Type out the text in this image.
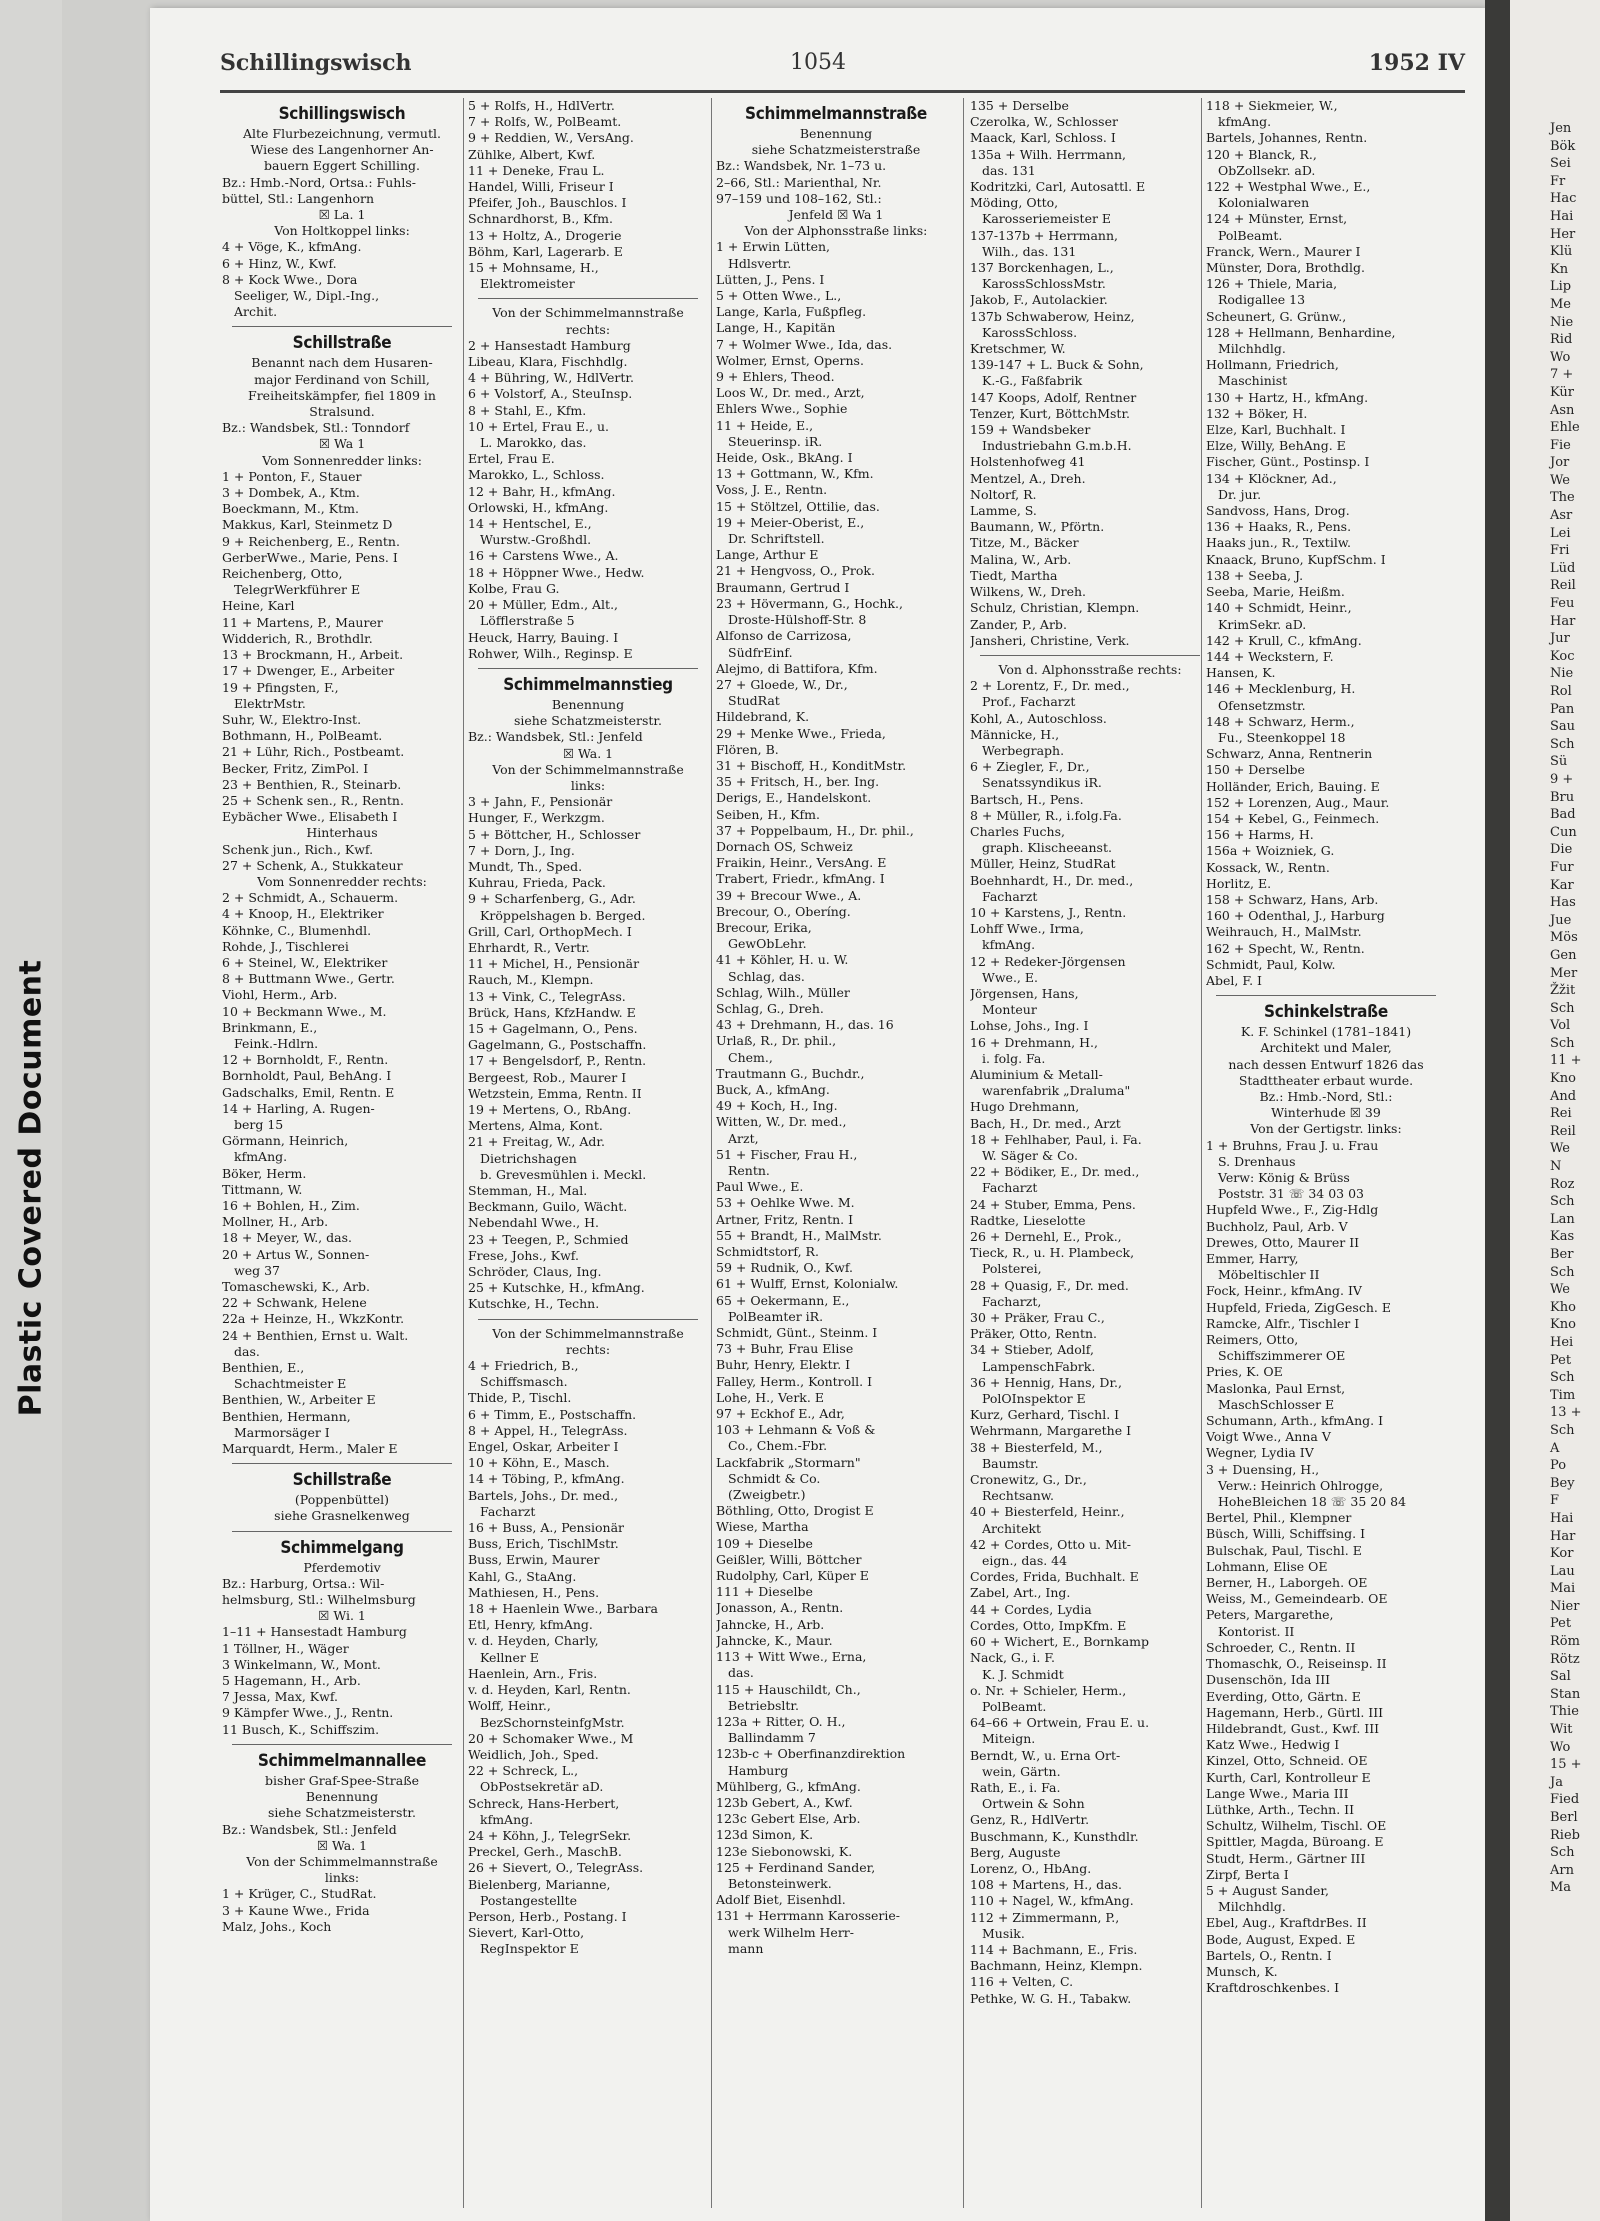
Plastic Covered Document
Schillingswisch	1054	1952 IV
Schillingswisch
Alte Flurbezeichnung, vermutl.
Wiese des Langenhorner An-
bauern Eggert Schilling.
Bz.: Hmb.-Nord, Ortsa.: Fuhls-
büttel, Stl.: Langenhorn
☒ La. 1
Von Holtkoppel links:
4 + Vöge, K., kfmAng.
6 + Hinz, W., Kwf.
8 + Kock Wwe., Dora
Seeliger, W., Dipl.-Ing.,
Archit.
Schillstraße
Benannt nach dem Husaren-
major Ferdinand von Schill,
Freiheitskämpfer, fiel 1809 in
Stralsund.
Bz.: Wandsbek, Stl.: Tonndorf
☒ Wa 1
Vom Sonnenredder links:
1 + Ponton, F., Stauer
3 + Dombek, A., Ktm.
Boeckmann, M., Ktm.
Makkus, Karl, Steinmetz D
9 + Reichenberg, E., Rentn.
GerberWwe., Marie, Pens. I
Reichenberg, Otto,
TelegrWerkführer E
Heine, Karl
11 + Martens, P., Maurer
Widderich, R., Brothdlr.
13 + Brockmann, H., Arbeit.
17 + Dwenger, E., Arbeiter
19 + Pfingsten, F.,
ElektrMstr.
Suhr, W., Elektro-Inst.
Bothmann, H., PolBeamt.
21 + Lühr, Rich., Postbeamt.
Becker, Fritz, ZimPol. I
23 + Benthien, R., Steinarb.
25 + Schenk sen., R., Rentn.
Eybächer Wwe., Elisabeth I
Hinterhaus
Schenk jun., Rich., Kwf.
27 + Schenk, A., Stukkateur
Vom Sonnenredder rechts:
2 + Schmidt, A., Schauerm.
4 + Knoop, H., Elektriker
Köhnke, C., Blumenhdl.
Rohde, J., Tischlerei
6 + Steinel, W., Elektriker
8 + Buttmann Wwe., Gertr.
Viohl, Herm., Arb.
10 + Beckmann Wwe., M.
Brinkmann, E.,
Feink.-Hdlrn.
12 + Bornholdt, F., Rentn.
Bornholdt, Paul, BehAng. I
Gadschalks, Emil, Rentn. E
14 + Harling, A. Rugen-
berg 15
Görmann, Heinrich,
kfmAng.
Böker, Herm.
Tittmann, W.
16 + Bohlen, H., Zim.
Mollner, H., Arb.
18 + Meyer, W., das.
20 + Artus W., Sonnen-
weg 37
Tomaschewski, K., Arb.
22 + Schwank, Helene
22a + Heinze, H., WkzKontr.
24 + Benthien, Ernst u. Walt.
das.
Benthien, E.,
Schachtmeister E
Benthien, W., Arbeiter E
Benthien, Hermann,
Marmorsäger I
Marquardt, Herm., Maler E
Schillstraße
(Poppenbüttel)
siehe Grasnelkenweg
Schimmelgang
Pferdemotiv
Bz.: Harburg, Ortsa.: Wil-
helmsburg, Stl.: Wilhelmsburg
☒ Wi. 1
1–11 + Hansestadt Hamburg
1 Töllner, H., Wäger
3 Winkelmann, W., Mont.
5 Hagemann, H., Arb.
7 Jessa, Max, Kwf.
9 Kämpfer Wwe., J., Rentn.
11 Busch, K., Schiffszim.
Schimmelmannallee
bisher Graf-Spee-Straße
Benennung
siehe Schatzmeisterstr.
Bz.: Wandsbek, Stl.: Jenfeld
☒ Wa. 1
Von der Schimmelmannstraße
links:
1 + Krüger, C., StudRat.
3 + Kaune Wwe., Frida
Malz, Johs., Koch
5 + Rolfs, H., HdlVertr.
7 + Rolfs, W., PolBeamt.
9 + Reddien, W., VersAng.
Zühlke, Albert, Kwf.
11 + Deneke, Frau L.
Handel, Willi, Friseur I
Pfeifer, Joh., Bauschlos. I
Schnardhorst, B., Kfm.
13 + Holtz, A., Drogerie
Böhm, Karl, Lagerarb. E
15 + Mohnsame, H.,
Elektromeister
Von der Schimmelmannstraße
rechts:
2 + Hansestadt Hamburg
Libeau, Klara, Fischhdlg.
4 + Bühring, W., HdlVertr.
6 + Volstorf, A., SteuInsp.
8 + Stahl, E., Kfm.
10 + Ertel, Frau E., u.
L. Marokko, das.
Ertel, Frau E.
Marokko, L., Schloss.
12 + Bahr, H., kfmAng.
Orlowski, H., kfmAng.
14 + Hentschel, E.,
Wurstw.-Großhdl.
16 + Carstens Wwe., A.
18 + Höppner Wwe., Hedw.
Kolbe, Frau G.
20 + Müller, Edm., Alt.,
Löfflerstraße 5
Heuck, Harry, Bauing. I
Rohwer, Wilh., Reginsp. E
Schimmelmannstieg
Benennung
siehe Schatzmeisterstr.
Bz.: Wandsbek, Stl.: Jenfeld
☒ Wa. 1
Von der Schimmelmannstraße
links:
3 + Jahn, F., Pensionär
Hunger, F., Werkzgm.
5 + Böttcher, H., Schlosser
7 + Dorn, J., Ing.
Mundt, Th., Sped.
Kuhrau, Frieda, Pack.
9 + Scharfenberg, G., Adr.
Kröppelshagen b. Berged.
Grill, Carl, OrthopMech. I
Ehrhardt, R., Vertr.
11 + Michel, H., Pensionär
Rauch, M., Klempn.
13 + Vink, C., TelegrAss.
Brück, Hans, KfzHandw. E
15 + Gagelmann, O., Pens.
Gagelmann, G., Postschaffn.
17 + Bengelsdorf, P., Rentn.
Bergeest, Rob., Maurer I
Wetzstein, Emma, Rentn. II
19 + Mertens, O., RbAng.
Mertens, Alma, Kont.
21 + Freitag, W., Adr.
Dietrichshagen
b. Grevesmühlen i. Meckl.
Stemman, H., Mal.
Beckmann, Guilo, Wächt.
Nebendahl Wwe., H.
23 + Teegen, P., Schmied
Frese, Johs., Kwf.
Schröder, Claus, Ing.
25 + Kutschke, H., kfmAng.
Kutschke, H., Techn.
Von der Schimmelmannstraße
rechts:
4 + Friedrich, B.,
Schiffsmasch.
Thide, P., Tischl.
6 + Timm, E., Postschaffn.
8 + Appel, H., TelegrAss.
Engel, Oskar, Arbeiter I
10 + Köhn, E., Masch.
14 + Töbing, P., kfmAng.
Bartels, Johs., Dr. med.,
Facharzt
16 + Buss, A., Pensionär
Buss, Erich, TischlMstr.
Buss, Erwin, Maurer
Kahl, G., StaAng.
Mathiesen, H., Pens.
18 + Haenlein Wwe., Barbara
Etl, Henry, kfmAng.
v. d. Heyden, Charly,
Kellner E
Haenlein, Arn., Fris.
v. d. Heyden, Karl, Rentn.
Wolff, Heinr.,
BezSchornsteinfgMstr.
20 + Schomaker Wwe., M
Weidlich, Joh., Sped.
22 + Schreck, L.,
ObPostsekretär aD.
Schreck, Hans-Herbert,
kfmAng.
24 + Köhn, J., TelegrSekr.
Preckel, Gerh., MaschB.
26 + Sievert, O., TelegrAss.
Bielenberg, Marianne,
Postangestellte
Person, Herb., Postang. I
Sievert, Karl-Otto,
RegInspektor E
Schimmelmannstraße
Benennung
siehe Schatzmeisterstraße
Bz.: Wandsbek, Nr. 1–73 u.
2–66, Stl.: Marienthal, Nr.
97–159 und 108–162, Stl.:
Jenfeld ☒ Wa 1
Von der Alphonsstraße links:
1 + Erwin Lütten,
Hdlsvertr.
Lütten, J., Pens. I
5 + Otten Wwe., L.,
Lange, Karla, Fußpfleg.
Lange, H., Kapitän
7 + Wolmer Wwe., Ida, das.
Wolmer, Ernst, Operns.
9 + Ehlers, Theod.
Loos W., Dr. med., Arzt,
Ehlers Wwe., Sophie
11 + Heide, E.,
Steuerinsp. iR.
Heide, Osk., BkAng. I
13 + Gottmann, W., Kfm.
Voss, J. E., Rentn.
15 + Stöltzel, Ottilie, das.
19 + Meier-Oberist, E.,
Dr. Schriftstell.
Lange, Arthur E
21 + Hengvoss, O., Prok.
Braumann, Gertrud I
23 + Hövermann, G., Hochk.,
Droste-Hülshoff-Str. 8
Alfonso de Carrizosa,
SüdfrEinf.
Alejmo, di Battifora, Kfm.
27 + Gloede, W., Dr.,
StudRat
Hildebrand, K.
29 + Menke Wwe., Frieda,
Flören, B.
31 + Bischoff, H., KonditMstr.
35 + Fritsch, H., ber. Ing.
Derigs, E., Handelskont.
Seiben, H., Kfm.
37 + Poppelbaum, H., Dr. phil.,
Dornach OS, Schweiz
Fraikin, Heinr., VersAng. E
Trabert, Friedr., kfmAng. I
39 + Brecour Wwe., A.
Brecour, O., Oberíng.
Brecour, Erika,
GewObLehr.
41 + Köhler, H. u. W.
Schlag, das.
Schlag, Wilh., Müller
Schlag, G., Dreh.
43 + Drehmann, H., das. 16
Urlaß, R., Dr. phil.,
Chem.,
Trautmann G., Buchdr.,
Buck, A., kfmAng.
49 + Koch, H., Ing.
Witten, W., Dr. med.,
Arzt,
51 + Fischer, Frau H.,
Rentn.
Paul Wwe., E.
53 + Oehlke Wwe. M.
Artner, Fritz, Rentn. I
55 + Brandt, H., MalMstr.
Schmidtstorf, R.
59 + Rudnik, O., Kwf.
61 + Wulff, Ernst, Kolonialw.
65 + Oekermann, E.,
PolBeamter iR.
Schmidt, Günt., Steinm. I
73 + Buhr, Frau Elise
Buhr, Henry, Elektr. I
Falley, Herm., Kontroll. I
Lohe, H., Verk. E
97 + Eckhof E., Adr,
103 + Lehmann & Voß &
Co., Chem.-Fbr.
Lackfabrik „Stormarn"
Schmidt & Co.
(Zweigbetr.)
Böthling, Otto, Drogist E
Wiese, Martha
109 + Dieselbe
Geißler, Willi, Böttcher
Rudolphy, Carl, Küper E
111 + Dieselbe
Jonasson, A., Rentn.
Jahncke, H., Arb.
Jahncke, K., Maur.
113 + Witt Wwe., Erna,
das.
115 + Hauschildt, Ch.,
Betriebsltr.
123a + Ritter, O. H.,
Ballindamm 7
123b-c + Oberfinanzdirektion
Hamburg
Mühlberg, G., kfmAng.
123b Gebert, A., Kwf.
123c Gebert Else, Arb.
123d Simon, K.
123e Siebonowski, K.
125 + Ferdinand Sander,
Betonsteinwerk.
Adolf Biet, Eisenhdl.
131 + Herrmann Karosserie-
werk Wilhelm Herr-
mann
135 + Derselbe
Czerolka, W., Schlosser
Maack, Karl, Schloss. I
135a + Wilh. Herrmann,
das. 131
Kodritzki, Carl, Autosattl. E
Möding, Otto,
Karosseriemeister E
137-137b + Herrmann,
Wilh., das. 131
137 Borckenhagen, L.,
KarossSchlossMstr.
Jakob, F., Autolackier.
137b Schwaberow, Heinz,
KarossSchloss.
Kretschmer, W.
139-147 + L. Buck & Sohn,
K.-G., Faßfabrik
147 Koops, Adolf, Rentner
Tenzer, Kurt, BöttchMstr.
159 + Wandsbeker
Industriebahn G.m.b.H.
Holstenhofweg 41
Mentzel, A., Dreh.
Noltorf, R.
Lamme, S.
Baumann, W., Pförtn.
Titze, M., Bäcker
Malina, W., Arb.
Tiedt, Martha
Wilkens, W., Dreh.
Schulz, Christian, Klempn.
Zander, P., Arb.
Jansheri, Christine, Verk.
Von d. Alphonsstraße rechts:
2 + Lorentz, F., Dr. med.,
Prof., Facharzt
Kohl, A., Autoschloss.
Männicke, H.,
Werbegraph.
6 + Ziegler, F., Dr.,
Senatssyndikus iR.
Bartsch, H., Pens.
8 + Müller, R., i.folg.Fa.
Charles Fuchs,
graph. Klischeeanst.
Müller, Heinz, StudRat
Boehnhardt, H., Dr. med.,
Facharzt
10 + Karstens, J., Rentn.
Lohff Wwe., Irma,
kfmAng.
12 + Redeker-Jörgensen
Wwe., E.
Jörgensen, Hans,
Monteur
Lohse, Johs., Ing. I
16 + Drehmann, H.,
i. folg. Fa.
Aluminium & Metall-
warenfabrik „Draluma"
Hugo Drehmann,
Bach, H., Dr. med., Arzt
18 + Fehlhaber, Paul, i. Fa.
W. Säger & Co.
22 + Bödiker, E., Dr. med.,
Facharzt
24 + Stuber, Emma, Pens.
Radtke, Lieselotte
26 + Dernehl, E., Prok.,
Tieck, R., u. H. Plambeck,
Polsterei,
28 + Quasig, F., Dr. med.
Facharzt,
30 + Präker, Frau C.,
Präker, Otto, Rentn.
34 + Stieber, Adolf,
LampenschFabrk.
36 + Hennig, Hans, Dr.,
PolOInspektor E
Kurz, Gerhard, Tischl. I
Wehrmann, Margarethe I
38 + Biesterfeld, M.,
Baumstr.
Cronewitz, G., Dr.,
Rechtsanw.
40 + Biesterfeld, Heinr.,
Architekt
42 + Cordes, Otto u. Mit-
eign., das. 44
Cordes, Frida, Buchhalt. E
Zabel, Art., Ing.
44 + Cordes, Lydia
Cordes, Otto, ImpKfm. E
60 + Wichert, E., Bornkamp
Nack, G., i. F.
K. J. Schmidt
o. Nr. + Schieler, Herm.,
PolBeamt.
64–66 + Ortwein, Frau E. u.
Miteign.
Berndt, W., u. Erna Ort-
wein, Gärtn.
Rath, E., i. Fa.
Ortwein & Sohn
Genz, R., HdlVertr.
Buschmann, K., Kunsthdlr.
Berg, Auguste
Lorenz, O., HbAng.
108 + Martens, H., das.
110 + Nagel, W., kfmAng.
112 + Zimmermann, P.,
Musik.
114 + Bachmann, E., Fris.
Bachmann, Heinz, Klempn.
116 + Velten, C.
Pethke, W. G. H., Tabakw.
118 + Siekmeier, W.,
kfmAng.
Bartels, Johannes, Rentn.
120 + Blanck, R.,
ObZollsekr. aD.
122 + Westphal Wwe., E.,
Kolonialwaren
124 + Münster, Ernst,
PolBeamt.
Franck, Wern., Maurer I
Münster, Dora, Brothdlg.
126 + Thiele, Maria,
Rodigallee 13
Scheunert, G. Grünw.,
128 + Hellmann, Benhardine,
Milchhdlg.
Hollmann, Friedrich,
Maschinist
130 + Hartz, H., kfmAng.
132 + Böker, H.
Elze, Karl, Buchhalt. I
Elze, Willy, BehAng. E
Fischer, Günt., Postinsp. I
134 + Klöckner, Ad.,
Dr. jur.
Sandvoss, Hans, Drog.
136 + Haaks, R., Pens.
Haaks jun., R., Textilw.
Knaack, Bruno, KupfSchm. I
138 + Seeba, J.
Seeba, Marie, Heißm.
140 + Schmidt, Heinr.,
KrimSekr. aD.
142 + Krull, C., kfmAng.
144 + Weckstern, F.
Hansen, K.
146 + Mecklenburg, H.
Ofensetzmstr.
148 + Schwarz, Herm.,
Fu., Steenkoppel 18
Schwarz, Anna, Rentnerin
150 + Derselbe
Holländer, Erich, Bauing. E
152 + Lorenzen, Aug., Maur.
154 + Kebel, G., Feinmech.
156 + Harms, H.
156a + Woizniek, G.
Kossack, W., Rentn.
Horlitz, E.
158 + Schwarz, Hans, Arb.
160 + Odenthal, J., Harburg
Weihrauch, H., MalMstr.
162 + Specht, W., Rentn.
Schmidt, Paul, Kolw.
Abel, F. I
Schinkelstraße
K. F. Schinkel (1781–1841)
Architekt und Maler,
nach dessen Entwurf 1826 das
Stadttheater erbaut wurde.
Bz.: Hmb.-Nord, Stl.:
Winterhude ☒ 39
Von der Gertigstr. links:
1 + Bruhns, Frau J. u. Frau
S. Drenhaus
Verw: König & Brüss
Poststr. 31 ☏ 34 03 03
Hupfeld Wwe., F., Zig-Hdlg
Buchholz, Paul, Arb. V
Drewes, Otto, Maurer II
Emmer, Harry,
Möbeltischler II
Fock, Heinr., kfmAng. IV
Hupfeld, Frieda, ZigGesch. E
Ramcke, Alfr., Tischler I
Reimers, Otto,
Schiffszimmerer OE
Pries, K. OE
Maslonka, Paul Ernst,
MaschSchlosser E
Schumann, Arth., kfmAng. I
Voigt Wwe., Anna V
Wegner, Lydia IV
3 + Duensing, H.,
Verw.: Heinrich Ohlrogge,
HoheBleichen 18 ☏ 35 20 84
Bertel, Phil., Klempner
Büsch, Willi, Schiffsing. I
Bulschak, Paul, Tischl. E
Lohmann, Elise OE
Berner, H., Laborgeh. OE
Weiss, M., Gemeindearb. OE
Peters, Margarethe,
Kontorist. II
Schroeder, C., Rentn. II
Thomaschk, O., Reiseinsp. II
Dusenschön, Ida III
Everding, Otto, Gärtn. E
Hagemann, Herb., Gürtl. III
Hildebrandt, Gust., Kwf. III
Katz Wwe., Hedwig I
Kinzel, Otto, Schneid. OE
Kurth, Carl, Kontrolleur E
Lange Wwe., Maria III
Lüthke, Arth., Techn. II
Schultz, Wilhelm, Tischl. OE
Spittler, Magda, Büroang. E
Studt, Herm., Gärtner III
Zirpf, Berta I
5 + August Sander,
Milchhdlg.
Ebel, Aug., KraftdrBes. II
Bode, August, Exped. E
Bartels, O., Rentn. I
Munsch, K.
Kraftdroschkenbes. I
Jen
Bök
Sei
Fr
Hac
Hai
Her
Klü
Kn
Lip
Me
Nie
Rid
Wo
7 +
Kür
Asn
Ehle
Fie
Jor
We
The
Asr
Lei
Fri
Lüd
Reil
Feu
Har
Jur
Koc
Nie
Rol
Pan
Sau
Sch
Sü
9 +
Bru
Bad
Cun
Die
Fur
Kar
Has
Jue
Mös
Gen
Mer
Žžit
Sch
Vol
Sch
11 +
Kno
And
Rei
Reil
We
N
Roz
Sch
Lan
Kas
Ber
Sch
We
Kho
Kno
Hei
Pet
Sch
Tim
13 +
Sch
A
Po
Bey
F
Hai
Har
Kor
Lau
Mai
Nier
Pet
Röm
Rötz
Sal
Stan
Thie
Wit
Wo
15 +
Ja
Fied
Berl
Rieb
Sch
Arn
Ma
